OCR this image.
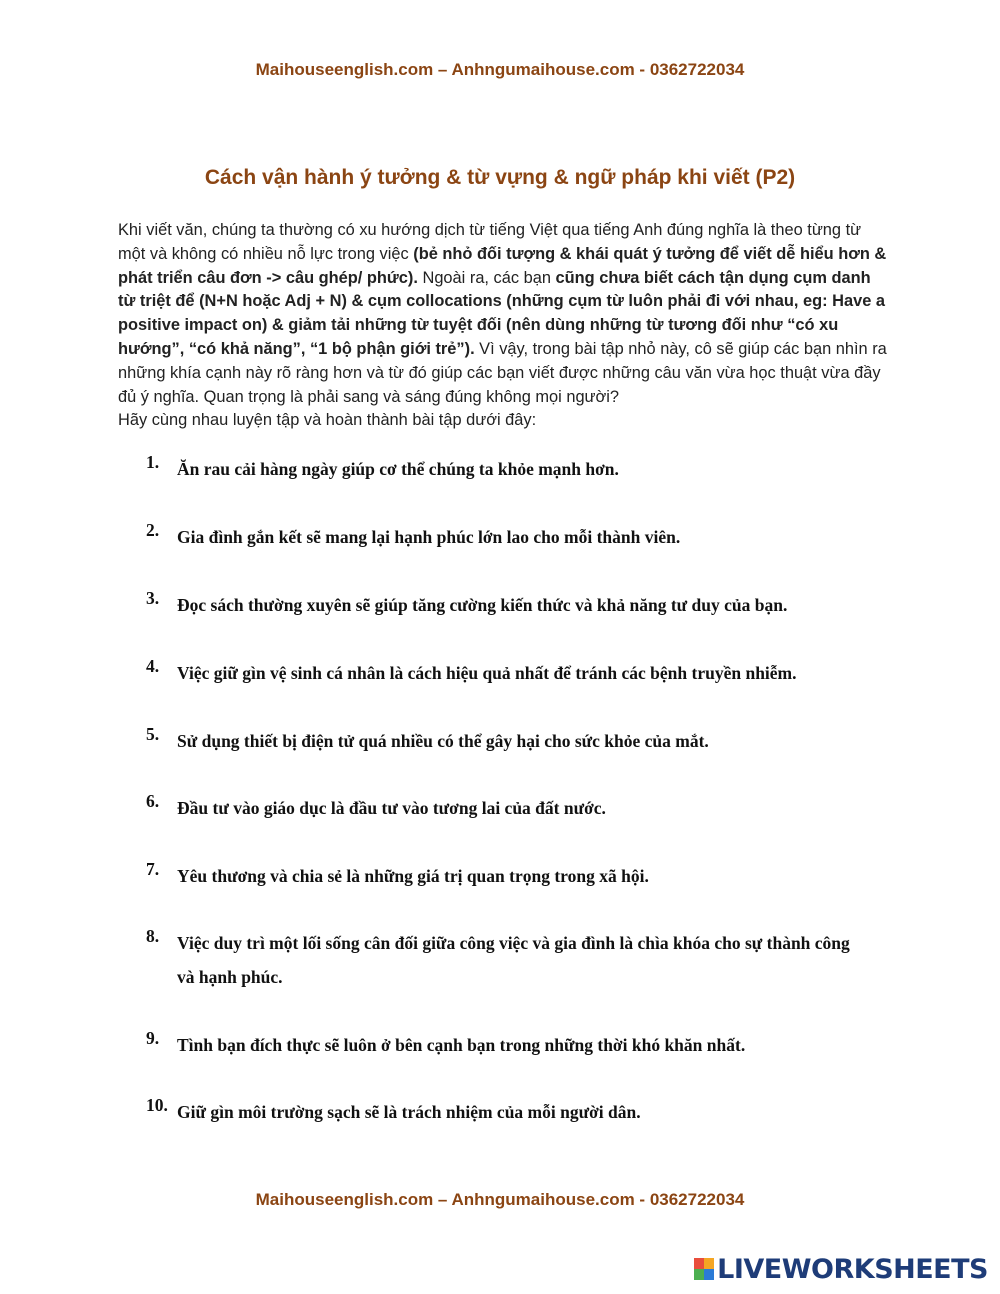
Maihouseenglish.com – Anhngumaihouse.com - 0362722034
Cách vận hành ý tưởng & từ vựng & ngữ pháp khi viết (P2)
Khi viết văn, chúng ta thường có xu hướng dịch từ tiếng Việt qua tiếng Anh đúng nghĩa là theo từng từ một và không có nhiều nỗ lực trong việc (bẻ nhỏ đối tượng & khái quát ý tưởng để viết dễ hiểu hơn & phát triển câu đơn -> câu ghép/ phức). Ngoài ra, các bạn cũng chưa biết cách tận dụng cụm danh từ triệt để (N+N hoặc Adj + N) & cụm collocations (những cụm từ luôn phải đi với nhau, eg: Have a positive impact on) & giảm tải những từ tuyệt đối (nên dùng những từ tương đối như “có xu hướng”, “có khả năng”, “1 bộ phận giới trẻ”). Vì vậy, trong bài tập nhỏ này, cô sẽ giúp các bạn nhìn ra những khía cạnh này rõ ràng hơn và từ đó giúp các bạn viết được những câu văn vừa học thuật vừa đầy đủ ý nghĩa. Quan trọng là phải sang và sáng đúng không mọi người?
Hãy cùng nhau luyện tập và hoàn thành bài tập dưới đây:
1.	Ăn rau cải hàng ngày giúp cơ thể chúng ta khỏe mạnh hơn.
2.	Gia đình gắn kết sẽ mang lại hạnh phúc lớn lao cho mỗi thành viên.
3.	Đọc sách thường xuyên sẽ giúp tăng cường kiến thức và khả năng tư duy của bạn.
4.	Việc giữ gìn vệ sinh cá nhân là cách hiệu quả nhất để tránh các bệnh truyền nhiễm.
5.	Sử dụng thiết bị điện tử quá nhiều có thể gây hại cho sức khỏe của mắt.
6.	Đầu tư vào giáo dục là đầu tư vào tương lai của đất nước.
7.	Yêu thương và chia sẻ là những giá trị quan trọng trong xã hội.
8.	Việc duy trì một lối sống cân đối giữa công việc và gia đình là chìa khóa cho sự thành công và hạnh phúc.
9.	Tình bạn đích thực sẽ luôn ở bên cạnh bạn trong những thời khó khăn nhất.
10. Giữ gìn môi trường sạch sẽ là trách nhiệm của mỗi người dân.
Maihouseenglish.com – Anhngumaihouse.com - 0362722034
LIVEWORKSHEETS
